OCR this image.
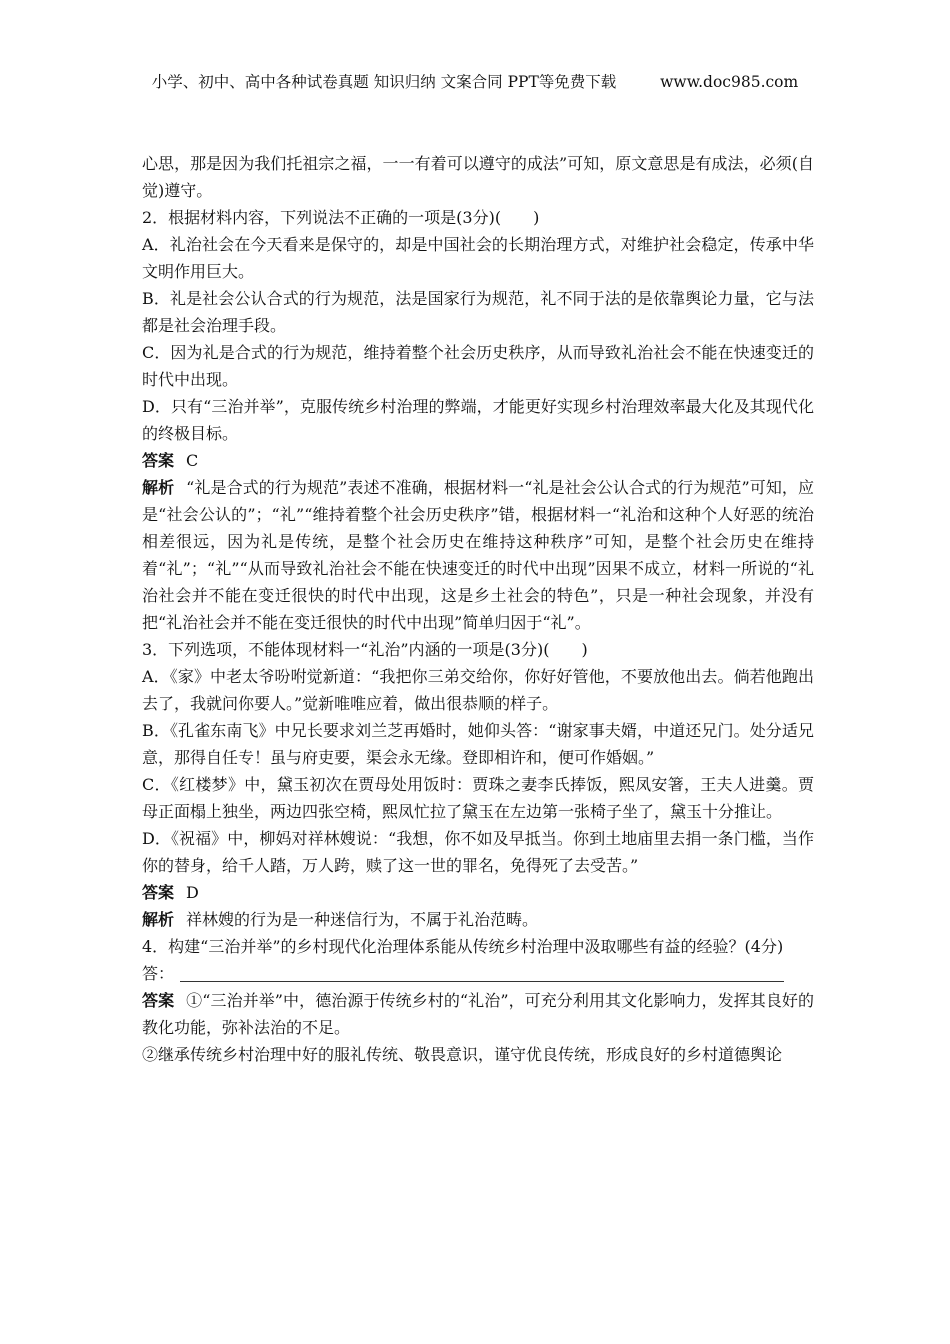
小学、初中、高中各种试卷真题 知识归纳 文案合同 PPT等免费下载	www.doc985.com

心思，那是因为我们托祖宗之福，一一有着可以遵守的成法”可知，原文意思是有成法，必须(自觉)遵守。

2．根据材料内容，下列说法不正确的一项是(3分)(　　)

A．礼治社会在今天看来是保守的，却是中国社会的长期治理方式，对维护社会稳定，传承中华文明作用巨大。

B．礼是社会公认合式的行为规范，法是国家行为规范，礼不同于法的是依靠舆论力量，它与法都是社会治理手段。

C．因为礼是合式的行为规范，维持着整个社会历史秩序，从而导致礼治社会不能在快速变迁的时代中出现。

D．只有“三治并举”，克服传统乡村治理的弊端，才能更好实现乡村治理效率最大化及其现代化的终极目标。

答案 C

解析 “礼是合式的行为规范”表述不准确，根据材料一“礼是社会公认合式的行为规范”可知，应是“社会公认的”；“礼”“维持着整个社会历史秩序”错，根据材料一“礼治和这种个人好恶的统治相差很远，因为礼是传统，是整个社会历史在维持这种秩序”可知，是整个社会历史在维持着“礼”；“礼”“从而导致礼治社会不能在快速变迁的时代中出现”因果不成立，材料一所说的“礼治社会并不能在变迁很快的时代中出现，这是乡土社会的特色”，只是一种社会现象，并没有把“礼治社会并不能在变迁很快的时代中出现”简单归因于“礼”。

3．下列选项，不能体现材料一“礼治”内涵的一项是(3分)(　　)

A．《家》中老太爷吩咐觉新道：“我把你三弟交给你，你好好管他，不要放他出去。倘若他跑出去了，我就问你要人。”觉新唯唯应着，做出很恭顺的样子。

B．《孔雀东南飞》中兄长要求刘兰芝再婚时，她仰头答：“谢家事夫婿，中道还兄门。处分适兄意，那得自任专！虽与府吏要，渠会永无缘。登即相许和，便可作婚姻。”

C．《红楼梦》中，黛玉初次在贾母处用饭时：贾珠之妻李氏捧饭，熙凤安箸，王夫人进羹。贾母正面榻上独坐，两边四张空椅，熙凤忙拉了黛玉在左边第一张椅子坐了，黛玉十分推让。

D．《祝福》中，柳妈对祥林嫂说：“我想，你不如及早抵当。你到土地庙里去捐一条门槛，当作你的替身，给千人踏，万人跨，赎了这一世的罪名，免得死了去受苦。”

答案 D

解析 祥林嫂的行为是一种迷信行为，不属于礼治范畴。

4．构建“三治并举”的乡村现代化治理体系能从传统乡村治理中汲取哪些有益的经验？(4分)

答：

答案 ①“三治并举”中，德治源于传统乡村的“礼治”，可充分利用其文化影响力，发挥其良好的教化功能，弥补法治的不足。

②继承传统乡村治理中好的服礼传统、敬畏意识，谨守优良传统，形成良好的乡村道德舆论
